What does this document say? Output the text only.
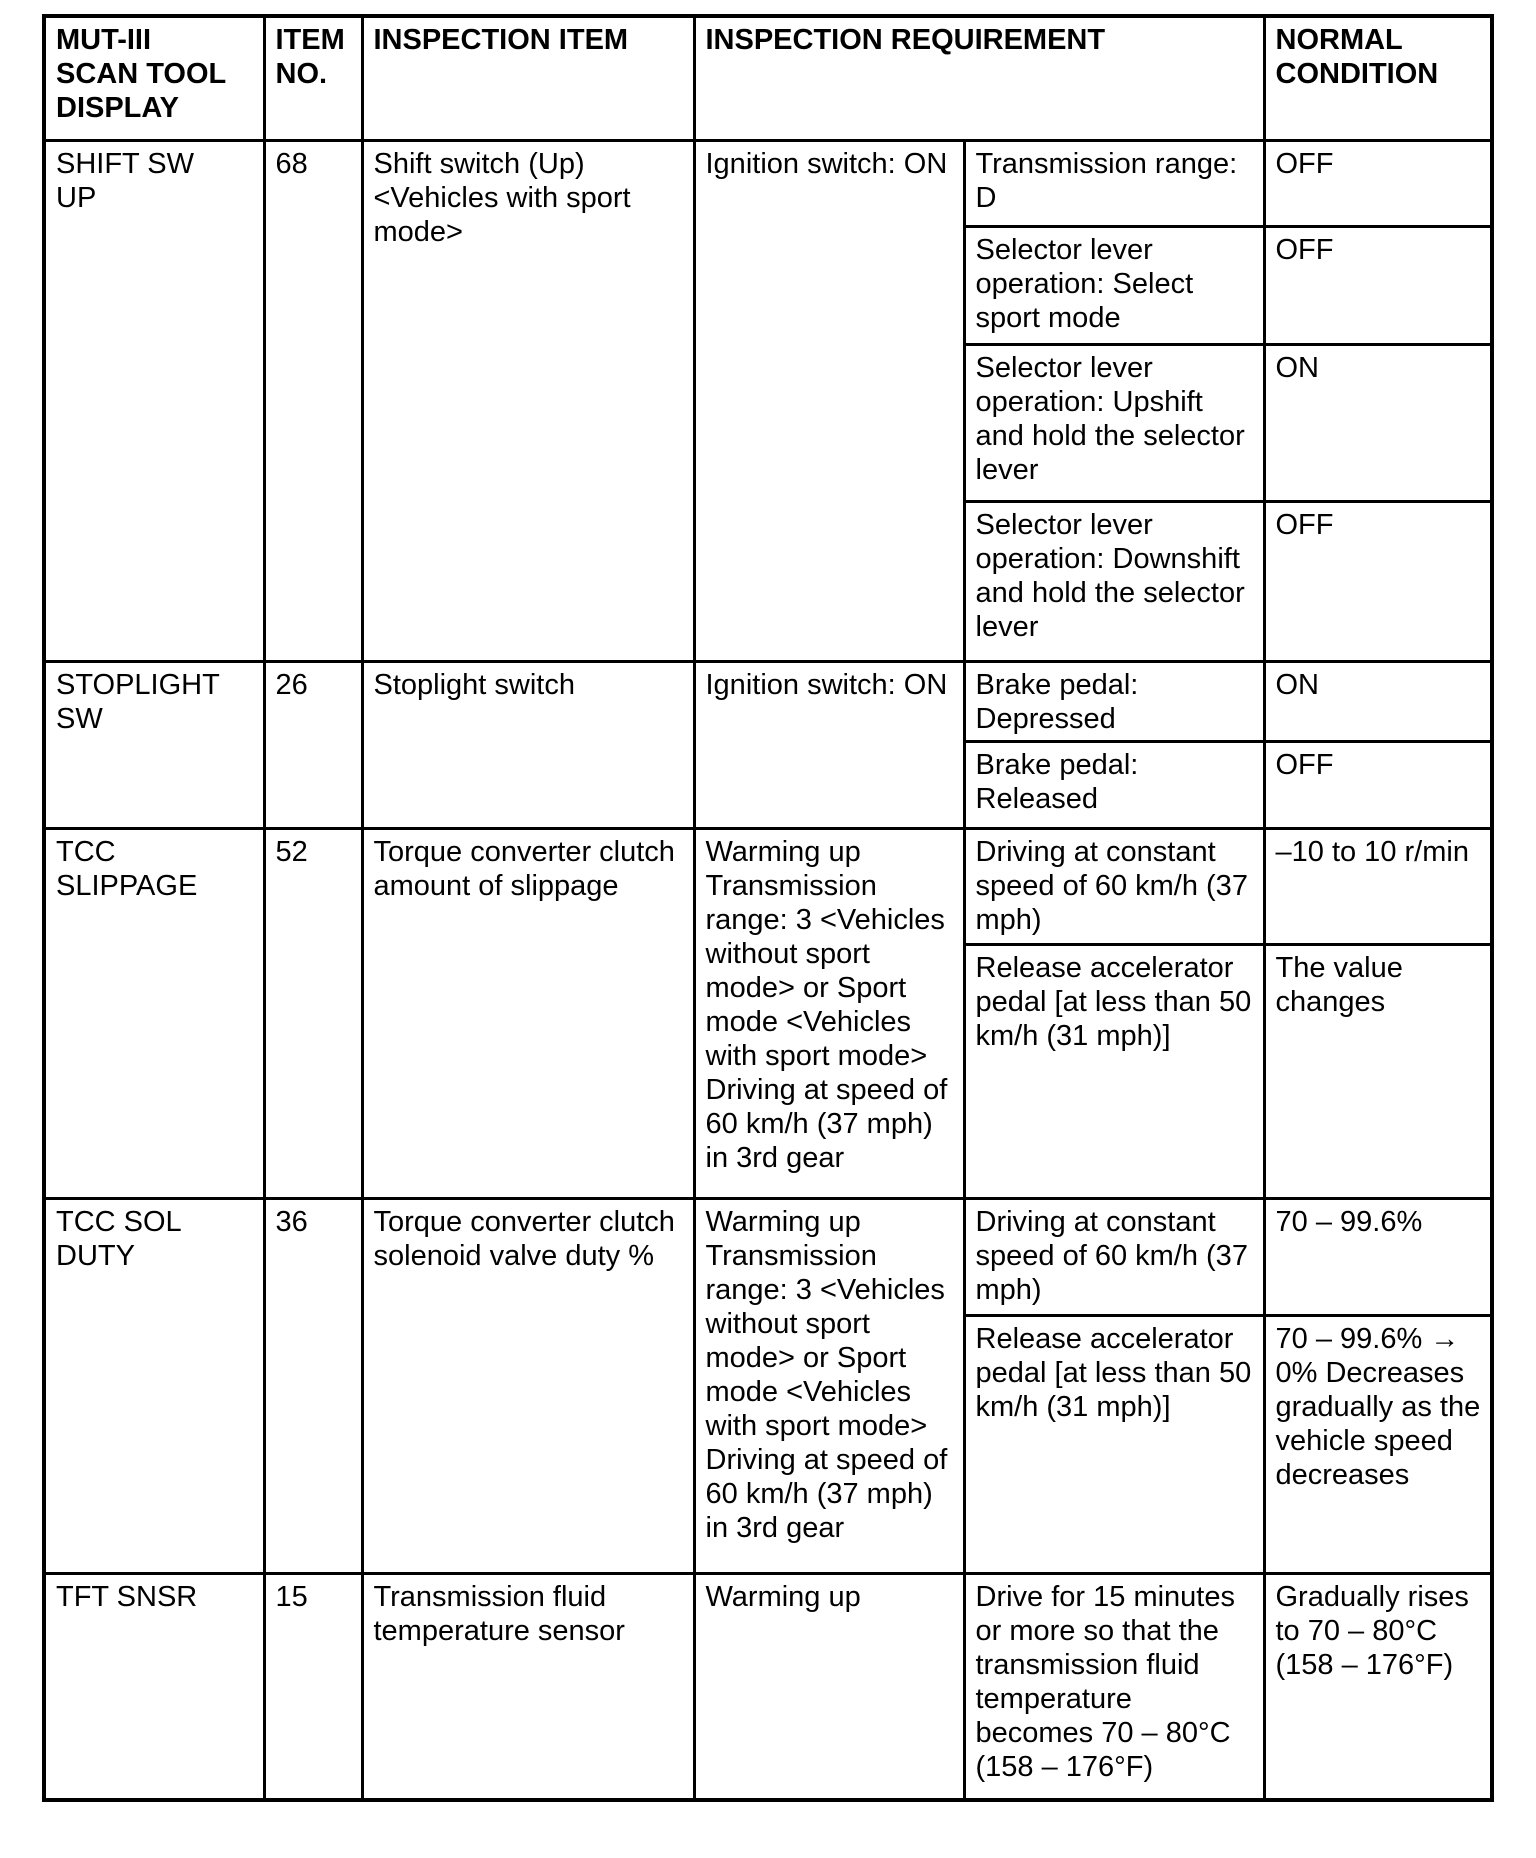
MUT-III SCAN TOOL DISPLAY	ITEM NO.	INSPECTION ITEM	INSPECTION REQUIREMENT		NORMAL CONDITION
SHIFT SW UP	68	Shift switch (Up) <Vehicles with sport mode>	Ignition switch: ON	Transmission range: D	OFF
				Selector lever operation: Select sport mode	OFF
				Selector lever operation: Upshift and hold the selector lever	ON
				Selector lever operation: Downshift and hold the selector lever	OFF
STOPLIGHT SW	26	Stoplight switch	Ignition switch: ON	Brake pedal: Depressed	ON
				Brake pedal: Released	OFF
TCC SLIPPAGE	52	Torque converter clutch amount of slippage	Warming up Transmission range: 3 <Vehicles without sport mode> or Sport mode <Vehicles with sport mode> Driving at speed of 60 km/h (37 mph) in 3rd gear	Driving at constant speed of 60 km/h (37 mph)	–10 to 10 r/min
				Release accelerator pedal [at less than 50 km/h (31 mph)]	The value changes
TCC SOL DUTY	36	Torque converter clutch solenoid valve duty %	Warming up Transmission range: 3 <Vehicles without sport mode> or Sport mode <Vehicles with sport mode> Driving at speed of 60 km/h (37 mph) in 3rd gear	Driving at constant speed of 60 km/h (37 mph)	70 – 99.6%
				Release accelerator pedal [at less than 50 km/h (31 mph)]	70 – 99.6% → 0% Decreases gradually as the vehicle speed decreases
TFT SNSR	15	Transmission fluid temperature sensor	Warming up	Drive for 15 minutes or more so that the transmission fluid temperature becomes 70 – 80°C (158 – 176°F)	Gradually rises to 70 – 80°C (158 – 176°F)
